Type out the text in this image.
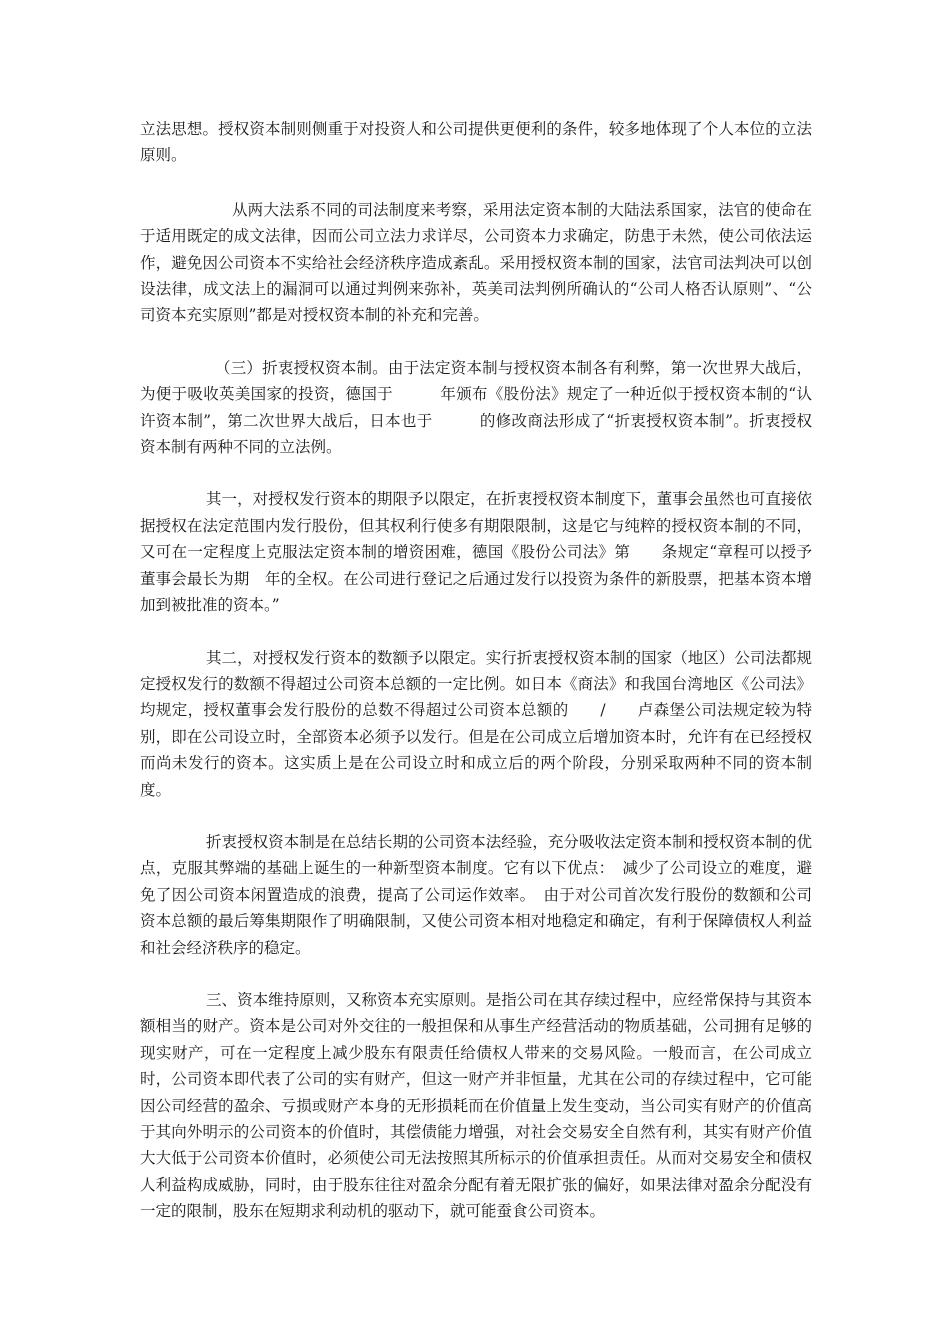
立法思想。授权资本制则侧重于对投资人和公司提供更便利的条件，较多地体现了个人本位的立法原则。

从两大法系不同的司法制度来考察，采用法定资本制的大陆法系国家，法官的使命在于适用既定的成文法律，因而公司立法力求详尽，公司资本力求确定，防患于未然，使公司依法运作，避免因公司资本不实给社会经济秩序造成紊乱。采用授权资本制的国家，法官司法判决可以创设法律，成文法上的漏洞可以通过判例来弥补，英美司法判例所确认的“公司人格否认原则”、“公司资本充实原则”都是对授权资本制的补充和完善。

（三）折衷授权资本制。由于法定资本制与授权资本制各有利弊，第一次世界大战后，为便于吸收英美国家的投资，德国于　　　年颁布《股份法》规定了一种近似于授权资本制的“认许资本制”，第二次世界大战后，日本也于　　　的修改商法形成了“折衷授权资本制”。折衷授权资本制有两种不同的立法例。

其一，对授权发行资本的期限予以限定，在折衷授权资本制度下，董事会虽然也可直接依据授权在法定范围内发行股份，但其权利行使多有期限限制，这是它与纯粹的授权资本制的不同，又可在一定程度上克服法定资本制的增资困难，德国《股份公司法》第　　条规定“章程可以授予董事会最长为期　年的全权。在公司进行登记之后通过发行以投资为条件的新股票，把基本资本增加到被批准的资本。”

其二，对授权发行资本的数额予以限定。实行折衷授权资本制的国家（地区）公司法都规定授权发行的数额不得超过公司资本总额的一定比例。如日本《商法》和我国台湾地区《公司法》均规定，授权董事会发行股份的总数不得超过公司资本总额的　　/　　卢森堡公司法规定较为特别，即在公司设立时，全部资本必须予以发行。但是在公司成立后增加资本时，允许有在已经授权而尚未发行的资本。这实质上是在公司设立时和成立后的两个阶段，分别采取两种不同的资本制度。

折衷授权资本制是在总结长期的公司资本法经验，充分吸收法定资本制和授权资本制的优点，克服其弊端的基础上诞生的一种新型资本制度。它有以下优点：　减少了公司设立的难度，避免了因公司资本闲置造成的浪费，提高了公司运作效率。　由于对公司首次发行股份的数额和公司资本总额的最后筹集期限作了明确限制，又使公司资本相对地稳定和确定，有利于保障债权人利益和社会经济秩序的稳定。

三、资本维持原则，又称资本充实原则。是指公司在其存续过程中，应经常保持与其资本额相当的财产。资本是公司对外交往的一般担保和从事生产经营活动的物质基础，公司拥有足够的现实财产，可在一定程度上减少股东有限责任给债权人带来的交易风险。一般而言，在公司成立时，公司资本即代表了公司的实有财产，但这一财产并非恒量，尤其在公司的存续过程中，它可能因公司经营的盈余、亏损或财产本身的无形损耗而在价值量上发生变动，当公司实有财产的价值高于其向外明示的公司资本的价值时，其偿债能力增强，对社会交易安全自然有利，其实有财产价值大大低于公司资本价值时，必须使公司无法按照其所标示的价值承担责任。从而对交易安全和债权人利益构成威胁，同时，由于股东往往对盈余分配有着无限扩张的偏好，如果法律对盈余分配没有一定的限制，股东在短期求利动机的驱动下，就可能蚕食公司资本。
